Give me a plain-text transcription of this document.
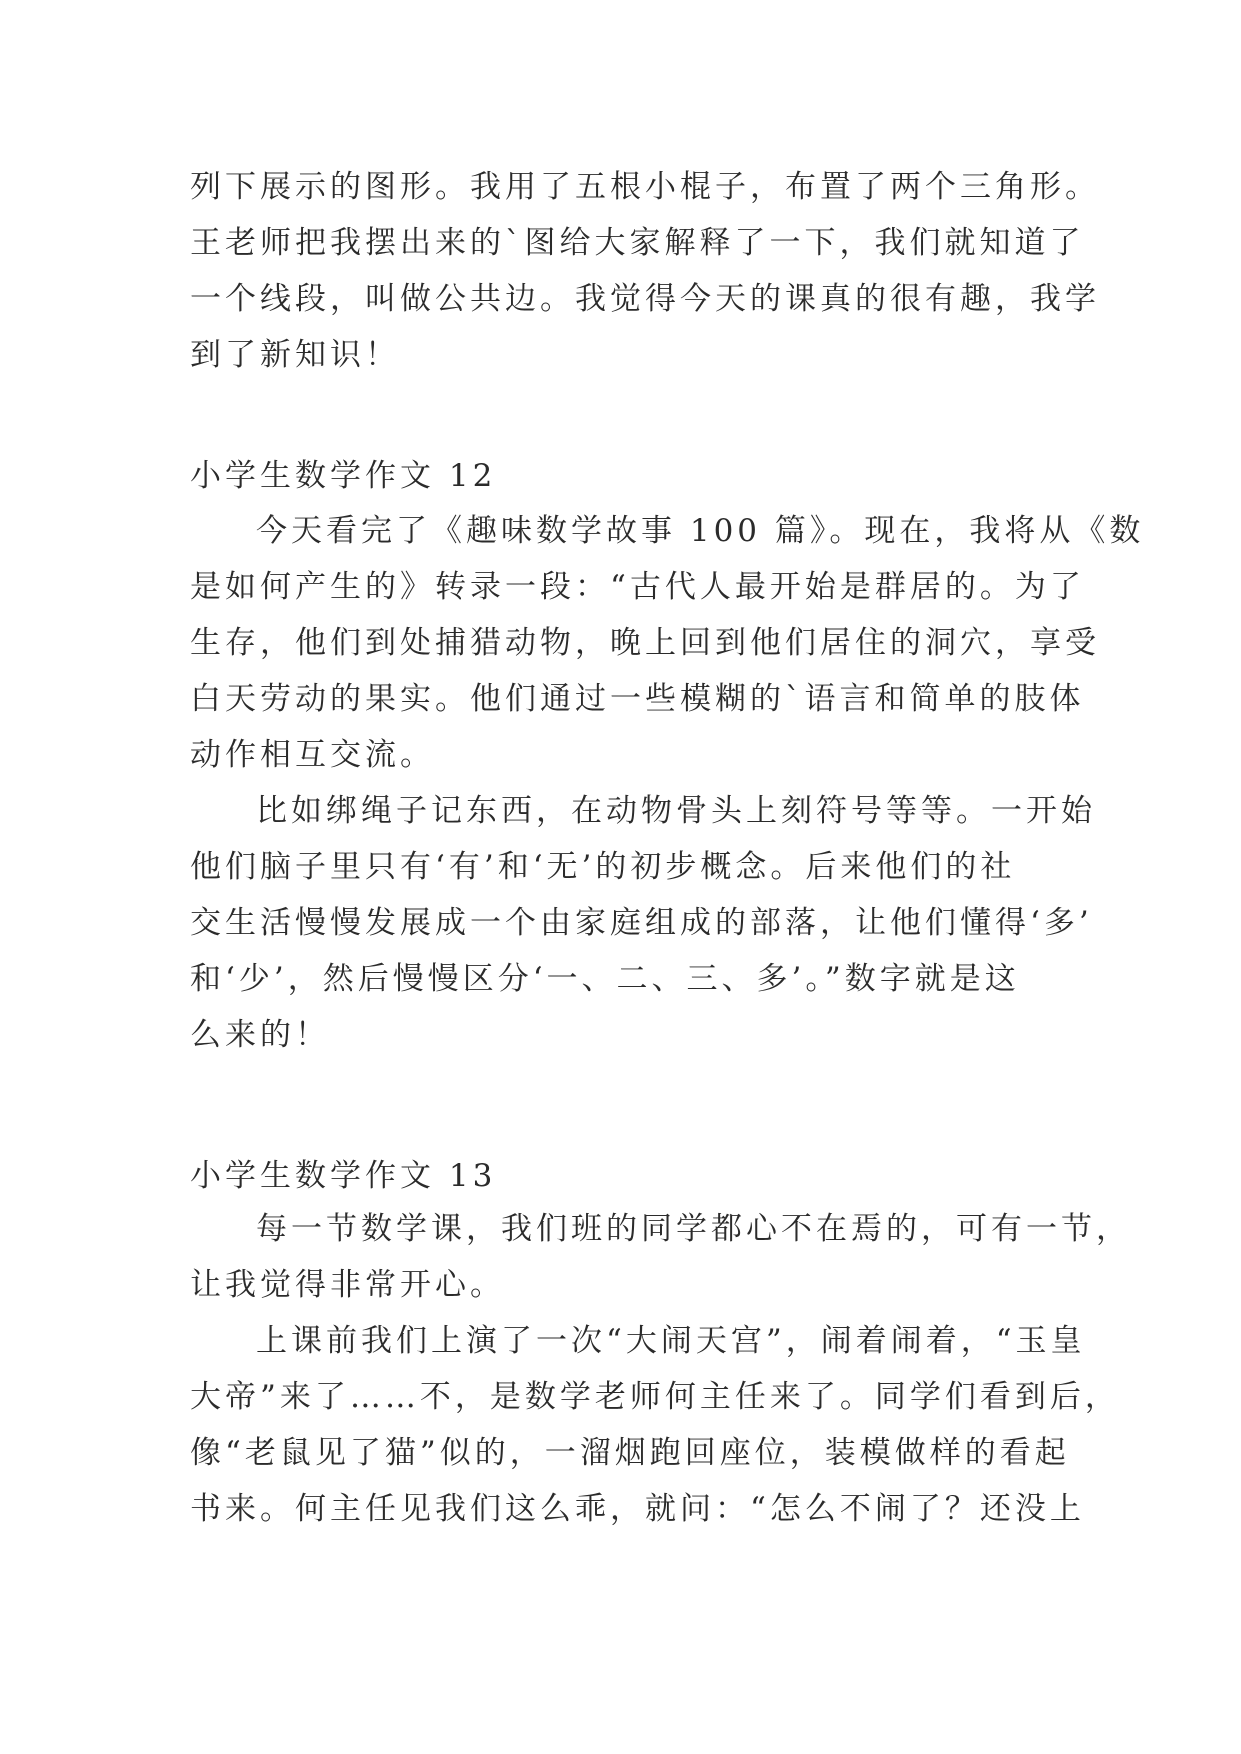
列下展示的图形。我用了五根小棍子，布置了两个三角形。
王老师把我摆出来的`图给大家解释了一下，我们就知道了
一个线段，叫做公共边。我觉得今天的课真的很有趣，我学
到了新知识！
小学生数学作文 12
今天看完了《趣味数学故事 100 篇》。现在，我将从《数
是如何产生的》转录一段：“古代人最开始是群居的。为了
生存，他们到处捕猎动物，晚上回到他们居住的洞穴，享受
白天劳动的果实。他们通过一些模糊的`语言和简单的肢体
动作相互交流。
比如绑绳子记东西，在动物骨头上刻符号等等。一开始
他们脑子里只有‘有’和‘无’的初步概念。后来他们的社
交生活慢慢发展成一个由家庭组成的部落，让他们懂得‘多’
和‘少’，然后慢慢区分‘一、二、三、多’。”数字就是这
么来的！
小学生数学作文 13
每一节数学课，我们班的同学都心不在焉的，可有一节，
让我觉得非常开心。
上课前我们上演了一次“大闹天宫”，闹着闹着，“玉皇
大帝”来了……不，是数学老师何主任来了。同学们看到后，
像“老鼠见了猫”似的，一溜烟跑回座位，装模做样的看起
书来。何主任见我们这么乖，就问：“怎么不闹了？还没上
